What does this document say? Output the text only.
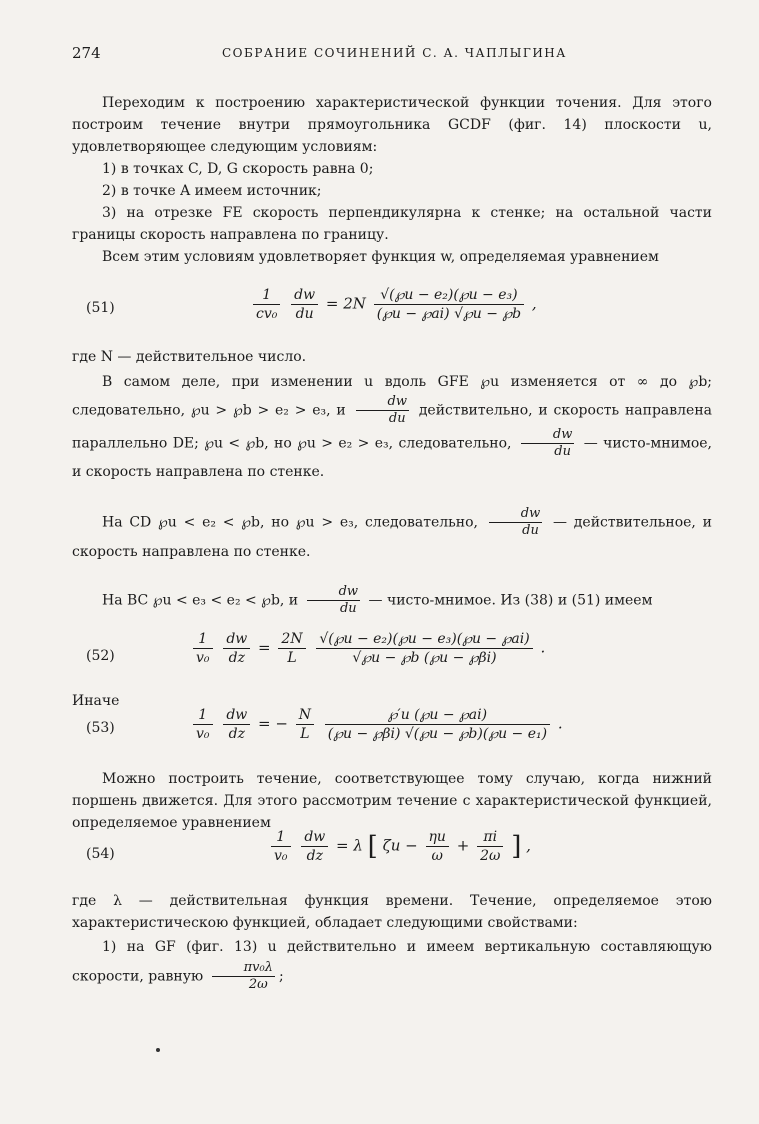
274	СОБРАНИЕ СОЧИНЕНИЙ С. А. ЧАПЛЫГИНА
Переходим к построению характеристической функции точения. Для этого построим течение внутри прямоугольника GCDF (фиг. 14) плоскости u, удовлетворяющее следующим условиям:
1) в точках C, D, G скорость равна 0;
2) в точке A имеем источник;
3) на отрезке FE скорость перпендикулярна к стенке; на остальной части границы скорость направлена по границу.
Всем этим условиям удовлетворяет функция w, определяемая уравнением
(51)	$\frac{1}{\text{cv₀}}$
$\frac{dw}{du} = 2N \frac{\text{√(℘u − e₂)(℘u − e₃)}}{(℘u - ℘ai) √℘u - ℘b}$ ,
где N — действительное число.
В самом деле, при изменении u вдоль GFE ℘u изменяется от ∞ до ℘b; следовательно, ℘u > ℘b > e₂ > e₃, и $\frac{dw}{du}$ действительно, и скорость направлена параллельно DE; ℘u < ℘b, но ℘u > e₂ > e₃, следовательно, $\frac{dw}{du}$ — чисто-мнимое, и скорость направлена по стенке.
На CD ℘u < e₂ < ℘b, но ℘u > e₃, следовательно, $\frac{dw}{du}$ — действительное, и скорость направлена по стенке.
На BC ℘u < e₃ < e₂ < ℘b, и $\frac{dw}{du}$ — чисто-мнимое. Из (38) и (51) имеем
(52)	$\frac{1}{\text{v₀}}$
$\frac{dw}{dz} = \frac{2N}{L}$
$\frac{\text{√(℘u − e₂)(℘u − e₃)(℘u − ℘ai)}}{√℘u - ℘b (℘u - ℘\beta i)}$ .
Иначе
(53)	$\frac{1}{\text{v₀}}$
$\frac{dw}{dz}$ = − $\frac{N}{L}$
$\frac{℘'u (℘u - ℘ai)}{\text{(℘u − ℘βi) √(℘u − ℘b)(℘u − e₁)}}$ .
Можно построить течение, соответствующее тому случаю, когда нижний поршень движется. Для этого рассмотрим течение с характеристической функцией, определяемое уравнением
(54)	$\frac{1}{\text{v₀}}$
$\frac{dw}{dz} = \lambda$ [ $\zeta u - \frac{\eta u}{\omega} + \frac{\pi i}{2\omega}$ ] ,
где λ — действительная функция времени. Течение, определяемое этою характеристическою функцией, обладает следующими свойствами:
1) на GF (фиг. 13) u действительно и имеем вертикальную составляющую скорости, равную $\frac{\text{πv₀λ}}{2\omega}$ ;
